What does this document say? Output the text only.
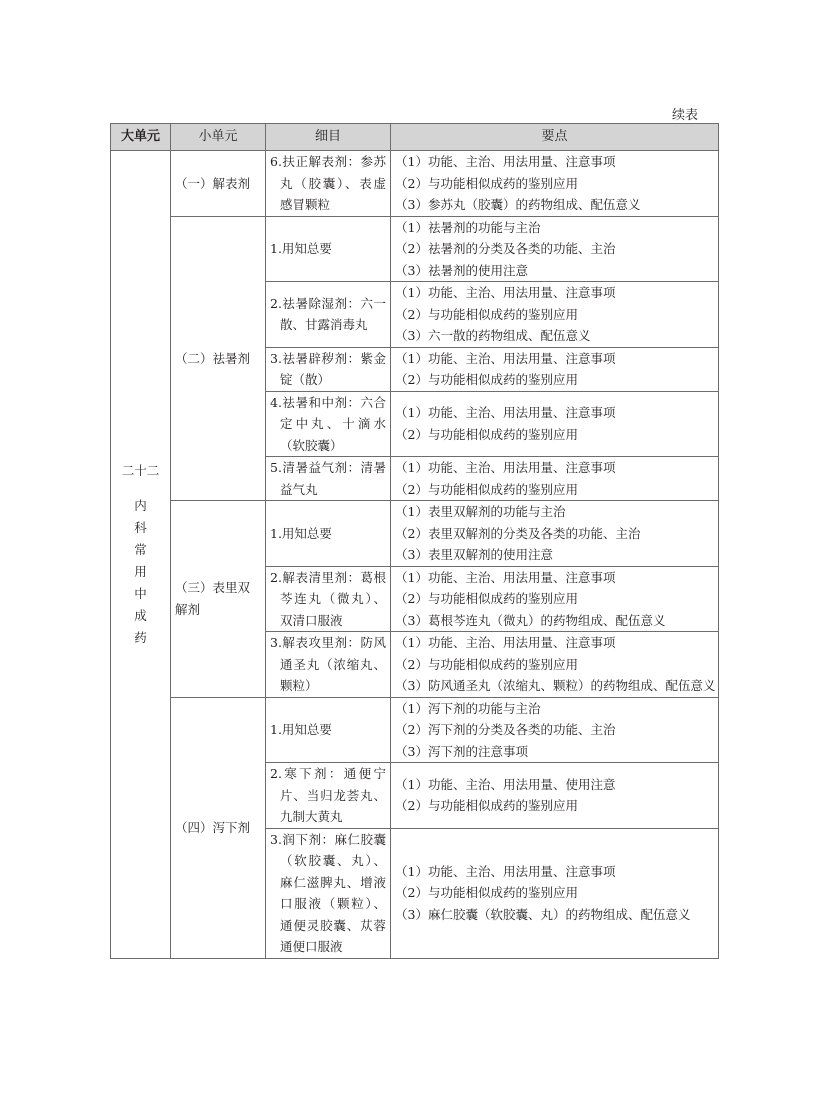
续表
大单元	小单元	细目	要点

二十二
内 科 常 用 中 成 药	（一）解表剂	6.扶正解表剂：参苏丸（胶囊）、表虚感冒颗粒	（1）功能、主治、用法用量、注意事项
（2）与功能相似成药的鉴别应用
（3）参苏丸（胶囊）的药物组成、配伍意义

	（二）祛暑剂	1.用知总要	（1）祛暑剂的功能与主治
（2）祛暑剂的分类及各类的功能、主治
（3）祛暑剂的使用注意

		2.祛暑除湿剂：六一散、甘露消毒丸	（1）功能、主治、用法用量、注意事项
（2）与功能相似成药的鉴别应用
（3）六一散的药物组成、配伍意义

		3.祛暑辟秽剂：紫金锭（散）	（1）功能、主治、用法用量、注意事项
（2）与功能相似成药的鉴别应用

		4.祛暑和中剂：六合定中丸、十滴水（软胶囊）	（1）功能、主治、用法用量、注意事项
（2）与功能相似成药的鉴别应用

		5.清暑益气剂：清暑益气丸	（1）功能、主治、用法用量、注意事项
（2）与功能相似成药的鉴别应用

	（三）表里双解剂	1.用知总要	（1）表里双解剂的功能与主治
（2）表里双解剂的分类及各类的功能、主治
（3）表里双解剂的使用注意

		2.解表清里剂：葛根芩连丸（微丸）、双清口服液	（1）功能、主治、用法用量、注意事项
（2）与功能相似成药的鉴别应用
（3）葛根芩连丸（微丸）的药物组成、配伍意义

		3.解表攻里剂：防风通圣丸（浓缩丸、颗粒）	（1）功能、主治、用法用量、注意事项
（2）与功能相似成药的鉴别应用
（3）防风通圣丸（浓缩丸、颗粒）的药物组成、配伍意义

	（四）泻下剂	1.用知总要	（1）泻下剂的功能与主治
（2）泻下剂的分类及各类的功能、主治
（3）泻下剂的注意事项

		2.寒下剂：通便宁片、当归龙荟丸、九制大黄丸	（1）功能、主治、用法用量、使用注意
（2）与功能相似成药的鉴别应用

		3.润下剂：麻仁胶囊（软胶囊、丸）、麻仁滋脾丸、增液口服液（颗粒）、通便灵胶囊、苁蓉通便口服液	（1）功能、主治、用法用量、注意事项
（2）与功能相似成药的鉴别应用
（3）麻仁胶囊（软胶囊、丸）的药物组成、配伍意义
